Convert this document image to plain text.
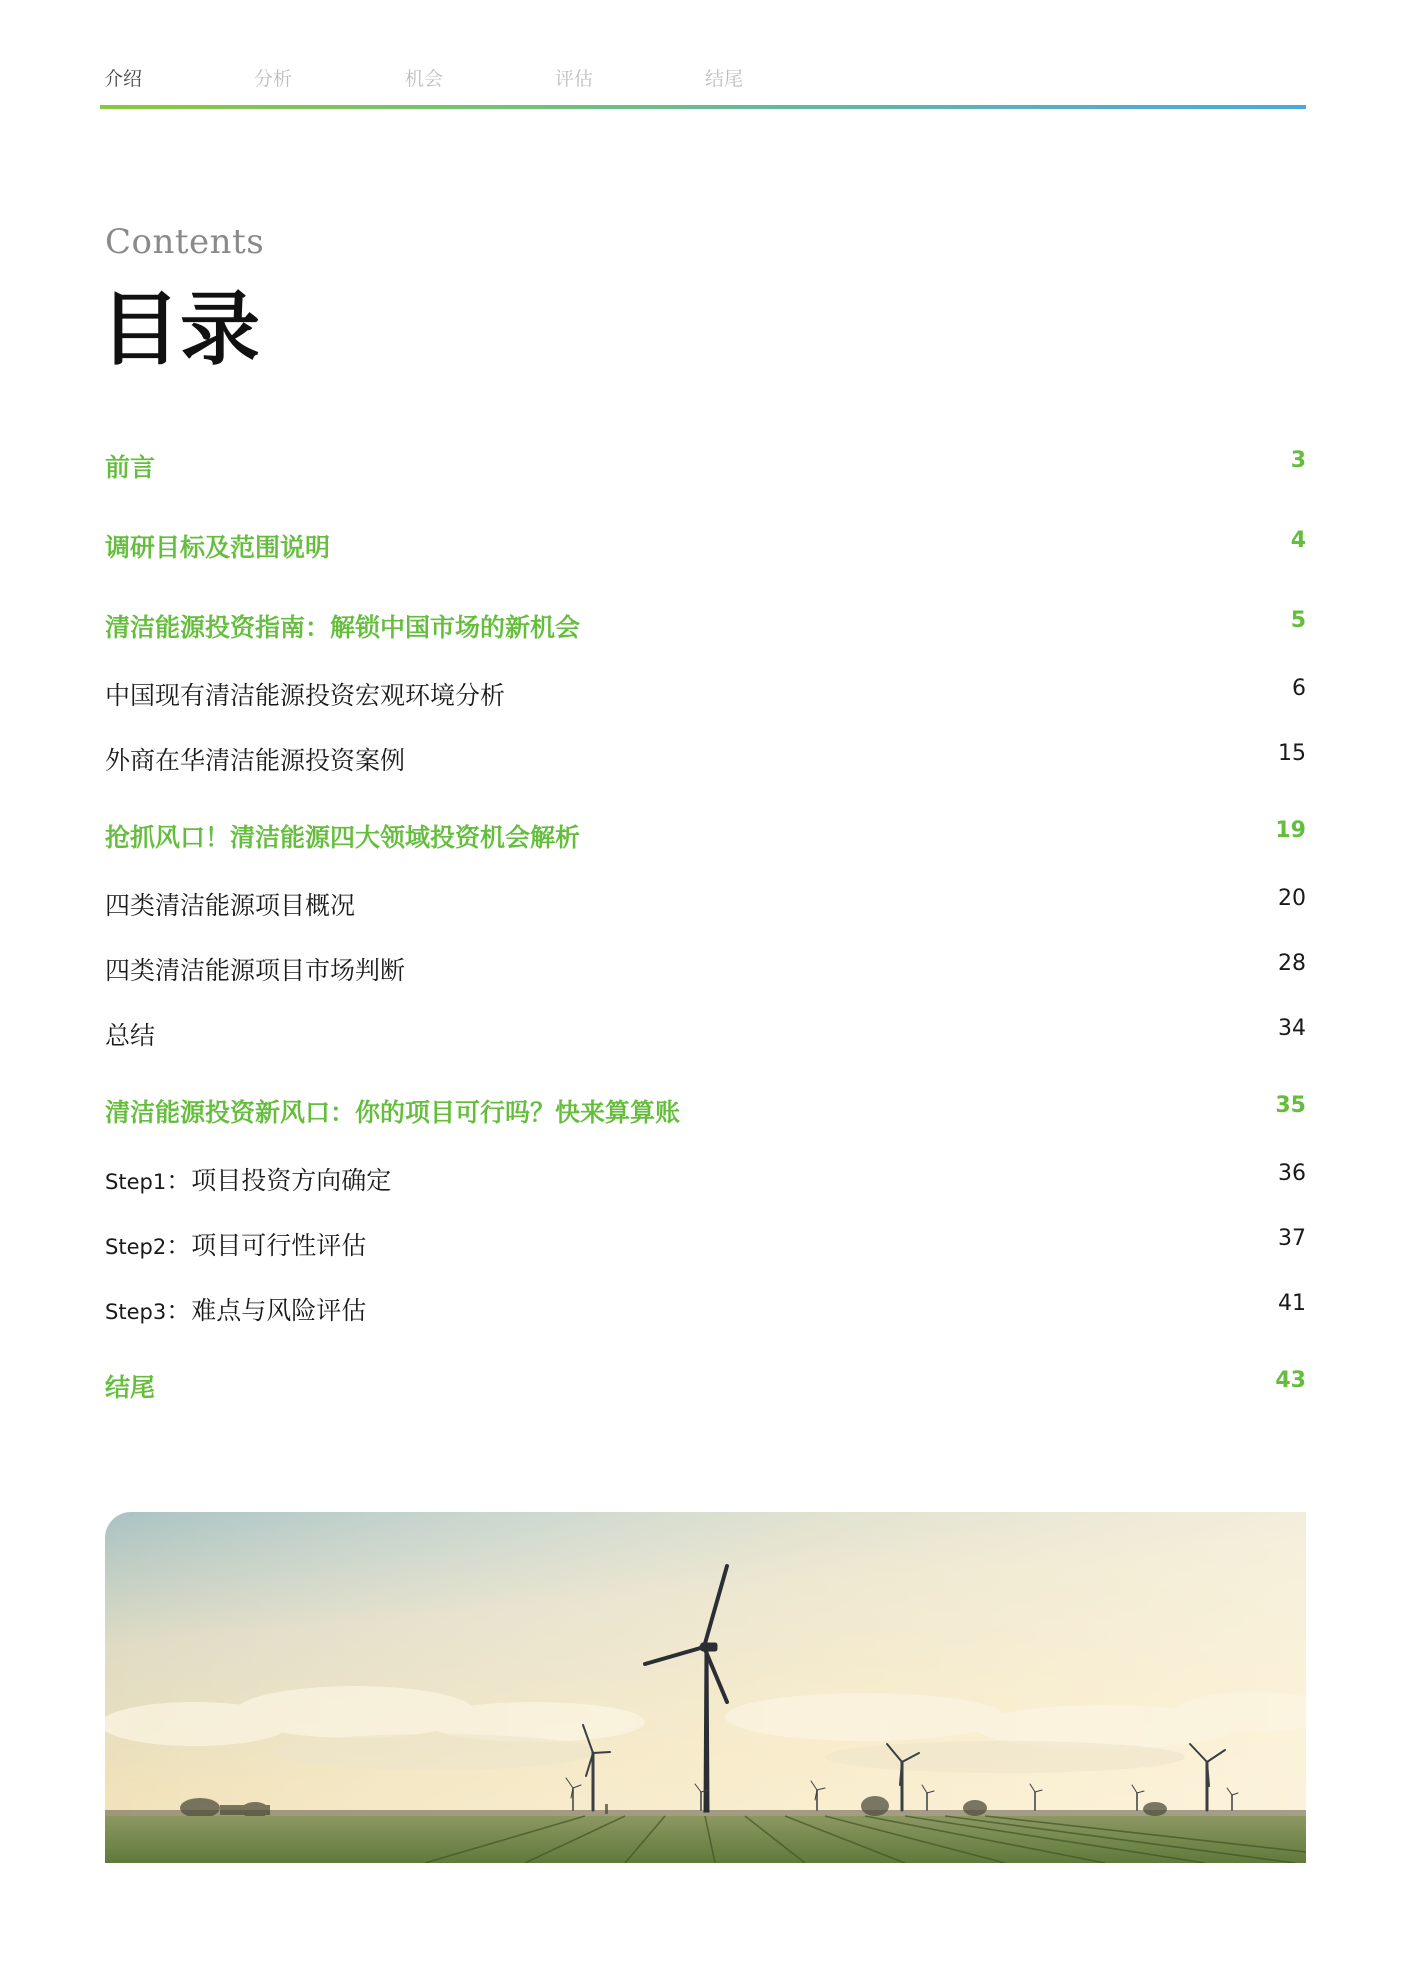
介绍	分析	机会	评估	结尾
Contents
目录
前言	3
调研目标及范围说明	4
清洁能源投资指南：解锁中国市场的新机会	5
中国现有清洁能源投资宏观环境分析	6
外商在华清洁能源投资案例	15
抢抓风口！清洁能源四大领域投资机会解析	19
四类清洁能源项目概况	20
四类清洁能源项目市场判断	28
总结	34
清洁能源投资新风口：你的项目可行吗？快来算算账	35
Step1：项目投资方向确定	36
Step2：项目可行性评估	37
Step3：难点与风险评估	41
结尾	43
